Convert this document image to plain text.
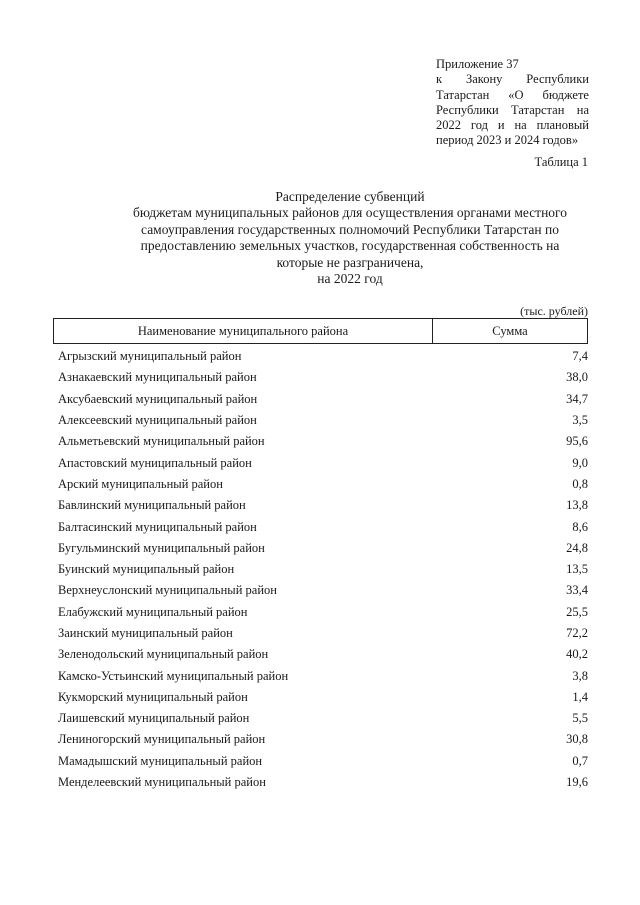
Приложение 37
к Закону Республики
Татарстан «О бюджете
Республики Татарстан на
2022 год и на плановый
период 2023 и 2024 годов»
Таблица 1
Распределение субвенций
бюджетам муниципальных районов для осуществления органами местного
самоуправления государственных полномочий Республики Татарстан по
предоставлению земельных участков, государственная собственность на
которые не разграничена,
на 2022 год
(тыс. рублей)
Наименование муниципального района	Сумма
Агрызский муниципальный район	7,4
Азнакаевский муниципальный район	38,0
Аксубаевский муниципальный район	34,7
Алексеевский муниципальный район	3,5
Альметьевский муниципальный район	95,6
Апастовский муниципальный район	9,0
Арский муниципальный район	0,8
Бавлинский муниципальный район	13,8
Балтасинский муниципальный район	8,6
Бугульминский муниципальный район	24,8
Буинский муниципальный район	13,5
Верхнеуслонский муниципальный район	33,4
Елабужский муниципальный район	25,5
Заинский муниципальный район	72,2
Зеленодольский муниципальный район	40,2
Камско-Устьинский муниципальный район	3,8
Кукморский муниципальный район	1,4
Лаишевский муниципальный район	5,5
Лениногорский муниципальный район	30,8
Мамадышский муниципальный район	0,7
Менделеевский муниципальный район	19,6
